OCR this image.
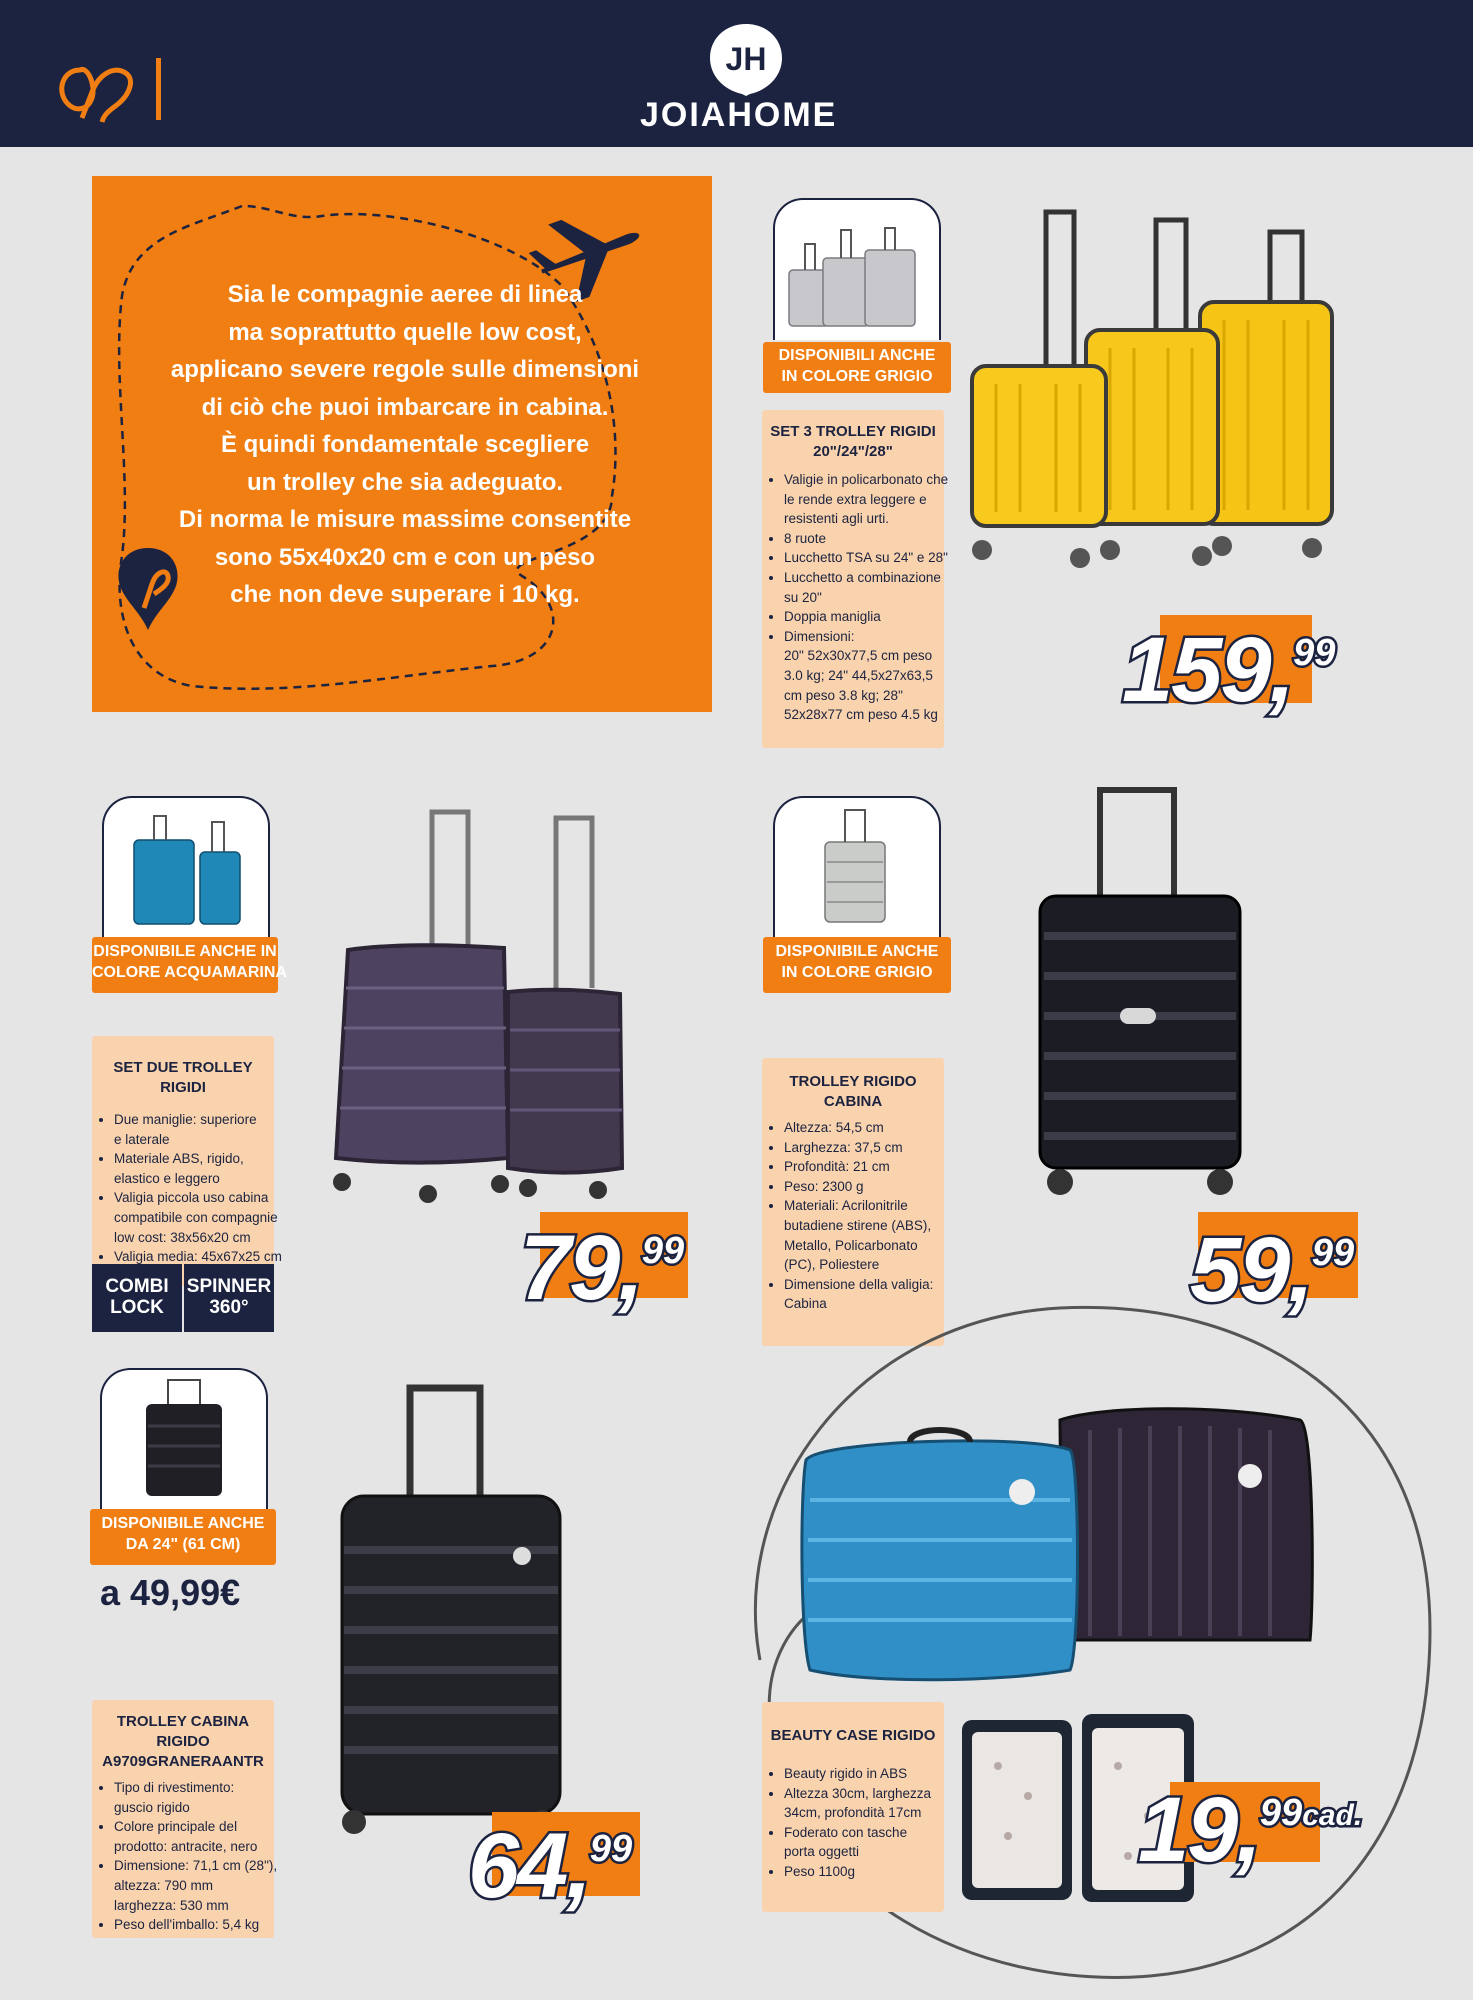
JH
JOIAHOME
Sia le compagnie aeree di linea
ma soprattutto quelle low cost,
applicano severe regole sulle dimensioni
di ciò che puoi imbarcare in cabina.
È quindi fondamentale scegliere
un trolley che sia adeguato.
Di norma le misure massime consentite
sono 55x40x20 cm e con un peso
che non deve superare i 10 kg.
DISPONIBILI ANCHE
IN COLORE GRIGIO
SET 3 TROLLEY RIGIDI
20"/24"/28"
• Valigie in policarbonato che
le rende extra leggere e
resistenti agli urti.
• 8 ruote
• Lucchetto TSA su 24" e 28"
• Lucchetto a combinazione
su 20"
• Doppia maniglia
• Dimensioni:
20" 52x30x77,5 cm peso
3.0 kg; 24" 44,5x27x63,5
cm peso 3.8 kg; 28"
52x28x77 cm peso 4.5 kg 159,99
DISPONIBILE ANCHE IN
COLORE ACQUAMARINA
SET DUE TROLLEY RIGIDI
• Due maniglie: superiore
e laterale
• Materiale ABS, rigido,
elastico e leggero
• Valigia piccola uso cabina
compatibile con compagnie
low cost: 38x56x20 cm
• Valigia media: 45x67x25 cm
COMBI
LOCK
SPINNER
360°	79,99
DISPONIBILE ANCHE
IN COLORE GRIGIO
TROLLEY RIGIDO
CABINA
• Altezza: 54,5 cm
• Larghezza: 37,5 cm
• Profondità: 21 cm
• Peso: 2300 g
• Materiali: Acrilonitrile
butadiene stirene (ABS),
Metallo, Policarbonato
(PC), Poliestere
• Dimensione della valigia:
Cabina	59,99
DISPONIBILE ANCHE
DA 24" (61 CM)
a 49,99€
TROLLEY CABINA RIGIDO
A9709GRANERAANTR
• Tipo di rivestimento:
guscio rigido
• Colore principale del
prodotto: antracite, nero
• Dimensione: 71,1 cm (28"),
altezza: 790 mm
larghezza: 530 mm
• Peso dell'imballo: 5,4 kg
64,99
BEAUTY CASE RIGIDO
• Beauty rigido in ABS
• Altezza 30cm, larghezza
34cm, profondità 17cm
• Foderato con tasche
porta oggetti
• Peso 1100g	19,99cad.
